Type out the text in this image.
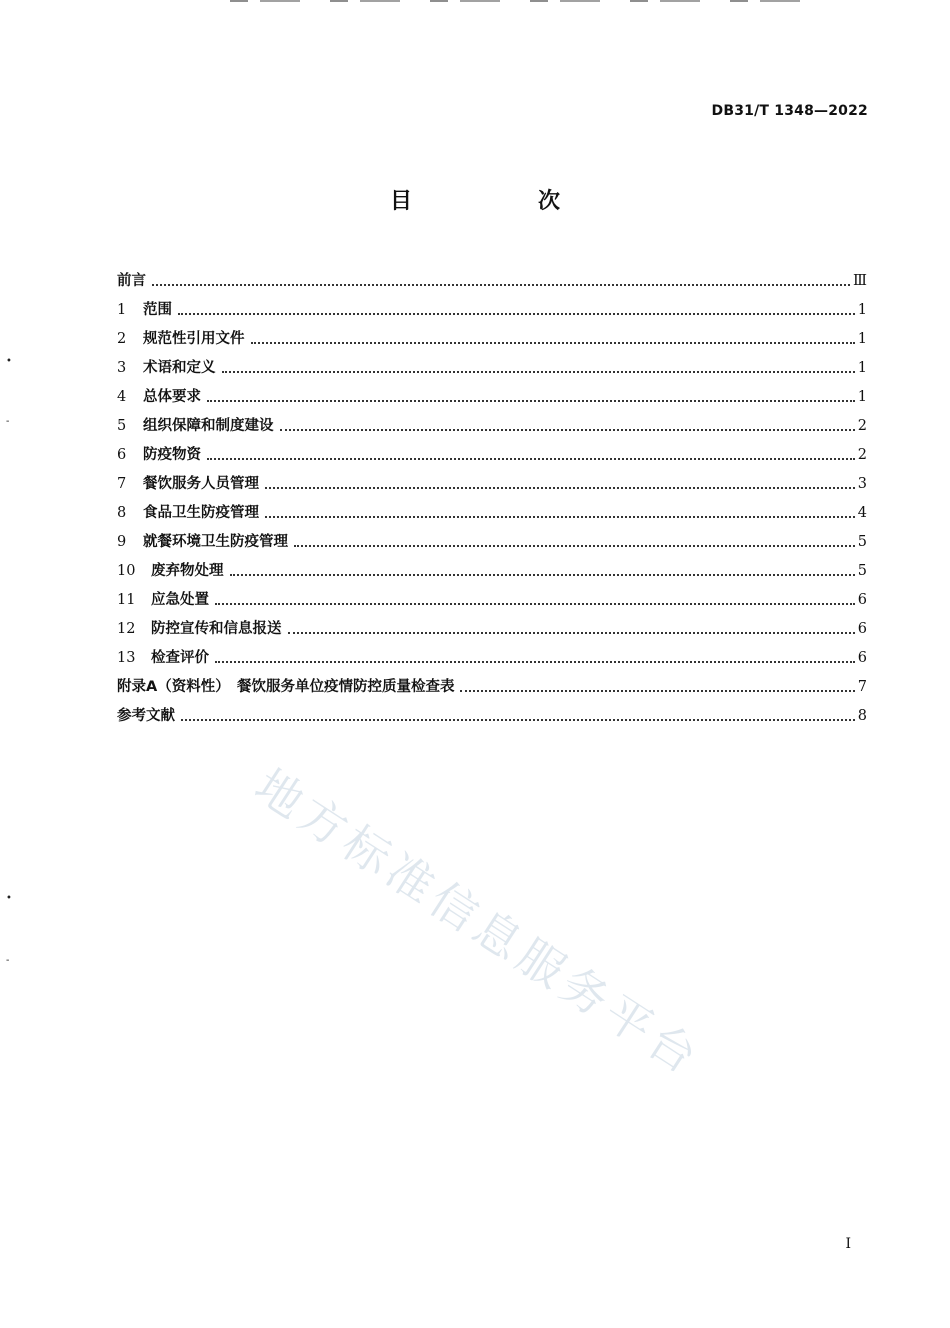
DB31/T 1348—2022
目　次
前言	Ⅲ
1	范围	1
2	规范性引用文件	1
3	术语和定义	1
4	总体要求	1
5	组织保障和制度建设	2
6	防疫物资	2
7	餐饮服务人员管理	3
8	食品卫生防疫管理	4
9	就餐环境卫生防疫管理	5
10	废弃物处理	5
11	应急处置	6
12	防控宣传和信息报送	6
13	检查评价	6
附录A（资料性）　餐饮服务单位疫情防控质量检查表	7
参考文献	8
•
-
•
-	地方标准信息服务平台
I
